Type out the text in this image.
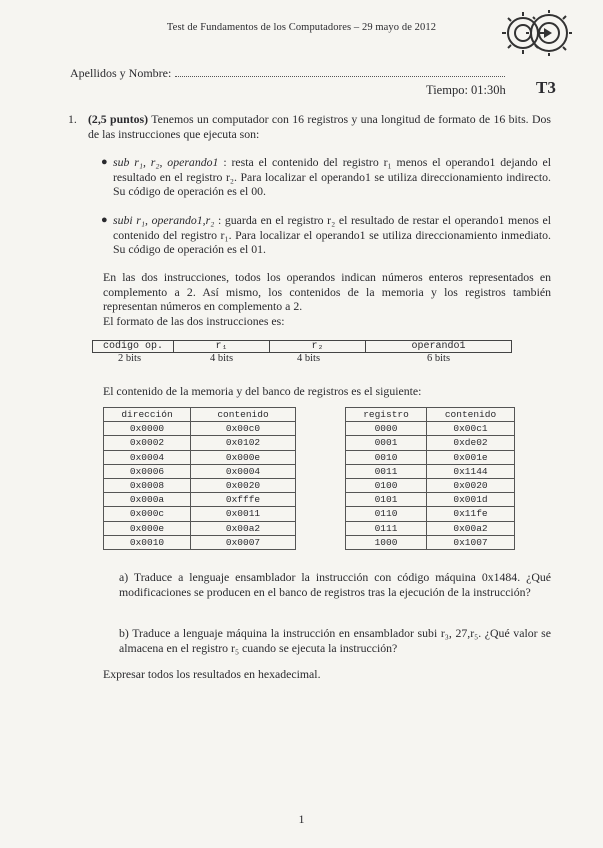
Test de Fundamentos de los Computadores – 29 mayo de 2012
Apellidos y Nombre:
Tiempo: 01:30h T3
1. (2,5 puntos) Tenemos un computador con 16 registros y una longitud de formato de 16 bits. Dos de las instrucciones que ejecuta son:
● sub r₁, r₂, operando1 : resta el contenido del registro r₁ menos el operando1 dejando el resultado en el registro r₂. Para localizar el operando1 se utiliza direccionamiento indirecto. Su código de operación es el 00.
● subi r₁, operando1,r₂ : guarda en el registro r₂ el resultado de restar el operando1 menos el contenido del registro r₁. Para localizar el operando1 se utiliza direccionamiento inmediato. Su código de operación es el 01.
En las dos instrucciones, todos los operandos indican números enteros representados en complemento a 2. Así mismo, los contenidos de la memoria y los registros también representan números en complemento a 2.
El formato de las dos instrucciones es:
codigo op.	r₁	r₂	operando1
2 bits	4 bits	4 bits	6 bits
El contenido de la memoria y del banco de registros es el siguiente:
dirección	contenido
0x0000	0x00c0
0x0002	0x0102
0x0004	0x000e
0x0006	0x0004
0x0008	0x0020
0x000a	0xfffe
0x000c	0x0011
0x000e	0x00a2
0x0010	0x0007
registro	contenido
0000	0x00c1
0001	0xde02
0010	0x001e
0011	0x1144
0100	0x0020
0101	0x001d
0110	0x11fe
0111	0x00a2
1000	0x1007
a) Traduce a lenguaje ensamblador la instrucción con código máquina 0x1484. ¿Qué modificaciones se producen en el banco de registros tras la ejecución de la instrucción?
b) Traduce a lenguaje máquina la instrucción en ensamblador subi r₃, 27,r₅. ¿Qué valor se almacena en el registro r₅ cuando se ejecuta la instrucción?
Expresar todos los resultados en hexadecimal.
1
